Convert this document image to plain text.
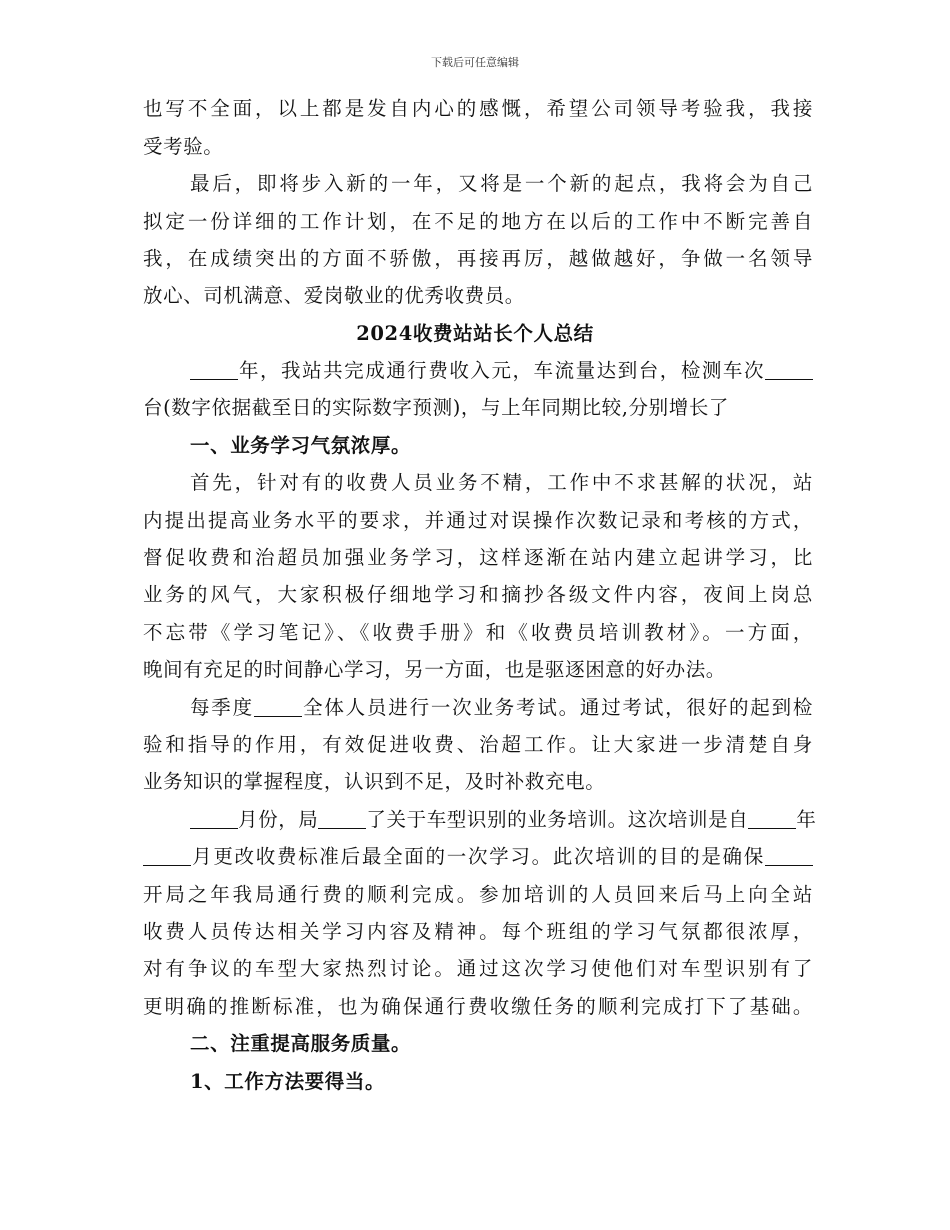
下载后可任意编辑
也写不全面，以上都是发自内心的感慨，希望公司领导考验我，我接
受考验。
最后，即将步入新的一年，又将是一个新的起点，我将会为自己
拟定一份详细的工作计划，在不足的地方在以后的工作中不断完善自
我，在成绩突出的方面不骄傲，再接再厉，越做越好，争做一名领导
放心、司机满意、爱岗敬业的优秀收费员。
2024收费站站长个人总结
年，我站共完成通行费收入元，车流量达到台，检测车次
台(数字依据截至日的实际数字预测)，与上年同期比较,分别增长了
一、业务学习气氛浓厚。
首先，针对有的收费人员业务不精，工作中不求甚解的状况，站
内提出提高业务水平的要求，并通过对误操作次数记录和考核的方式，
督促收费和治超员加强业务学习，这样逐渐在站内建立起讲学习，比
业务的风气，大家积极仔细地学习和摘抄各级文件内容，夜间上岗总
不忘带《学习笔记》、《收费手册》和《收费员培训教材》。一方面，
晚间有充足的时间静心学习，另一方面，也是驱逐困意的好办法。
每季度 全体人员进行一次业务考试。通过考试，很好的起到检
验和指导的作用，有效促进收费、治超工作。让大家进一步清楚自身
业务知识的掌握程度，认识到不足，及时补救充电。
月份，局 了关于车型识别的业务培训。这次培训是自 年
月更改收费标准后最全面的一次学习。此次培训的目的是确保
开局之年我局通行费的顺利完成。参加培训的人员回来后马上向全站
收费人员传达相关学习内容及精神。每个班组的学习气氛都很浓厚，
对有争议的车型大家热烈讨论。通过这次学习使他们对车型识别有了
更明确的推断标准，也为确保通行费收缴任务的顺利完成打下了基础。
二、注重提高服务质量。
1、工作方法要得当。
